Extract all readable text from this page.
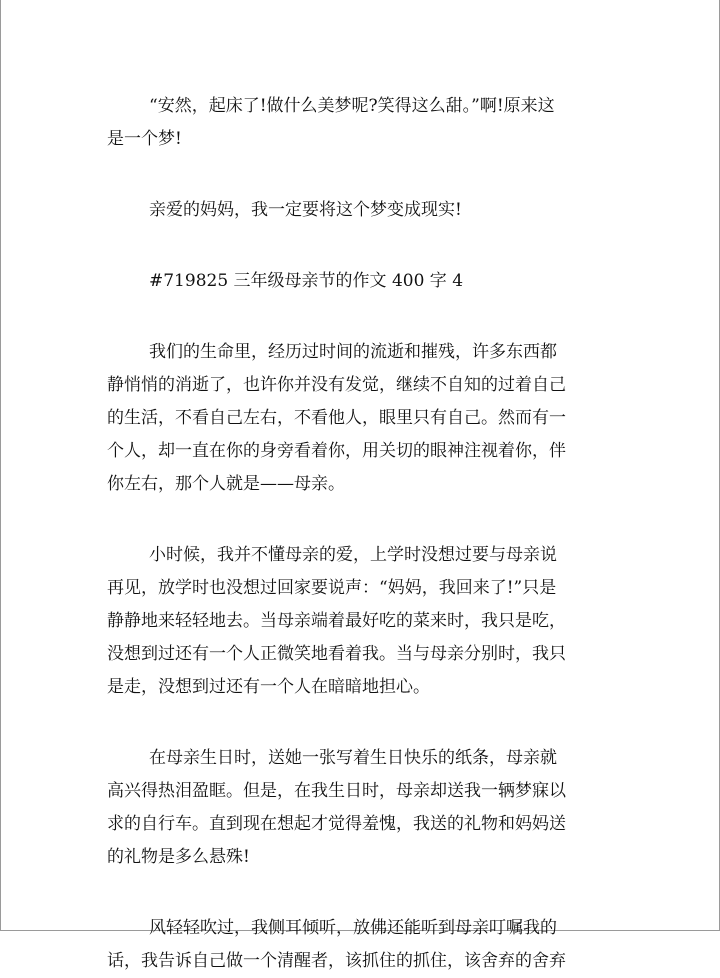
“安然，起床了!做什么美梦呢?笑得这么甜。”啊!原来这
是一个梦!
亲爱的妈妈，我一定要将这个梦变成现实!
#719825 三年级母亲节的作文 400 字 4
我们的生命里，经历过时间的流逝和摧残，许多东西都
静悄悄的消逝了，也许你并没有发觉，继续不自知的过着自己
的生活，不看自己左右，不看他人，眼里只有自己。然而有一
个人，却一直在你的身旁看着你，用关切的眼神注视着你，伴
你左右，那个人就是——母亲。
小时候，我并不懂母亲的爱，上学时没想过要与母亲说
再见，放学时也没想过回家要说声：“妈妈，我回来了!”只是
静静地来轻轻地去。当母亲端着最好吃的菜来时，我只是吃，
没想到过还有一个人正微笑地看着我。当与母亲分别时，我只
是走，没想到过还有一个人在暗暗地担心。
在母亲生日时，送她一张写着生日快乐的纸条，母亲就
高兴得热泪盈眶。但是，在我生日时，母亲却送我一辆梦寐以
求的自行车。直到现在想起才觉得羞愧，我送的礼物和妈妈送
的礼物是多么悬殊!
风轻轻吹过，我侧耳倾听，放佛还能听到母亲叮嘱我的
话，我告诉自己做一个清醒者，该抓住的抓住，该舍弃的舍弃
